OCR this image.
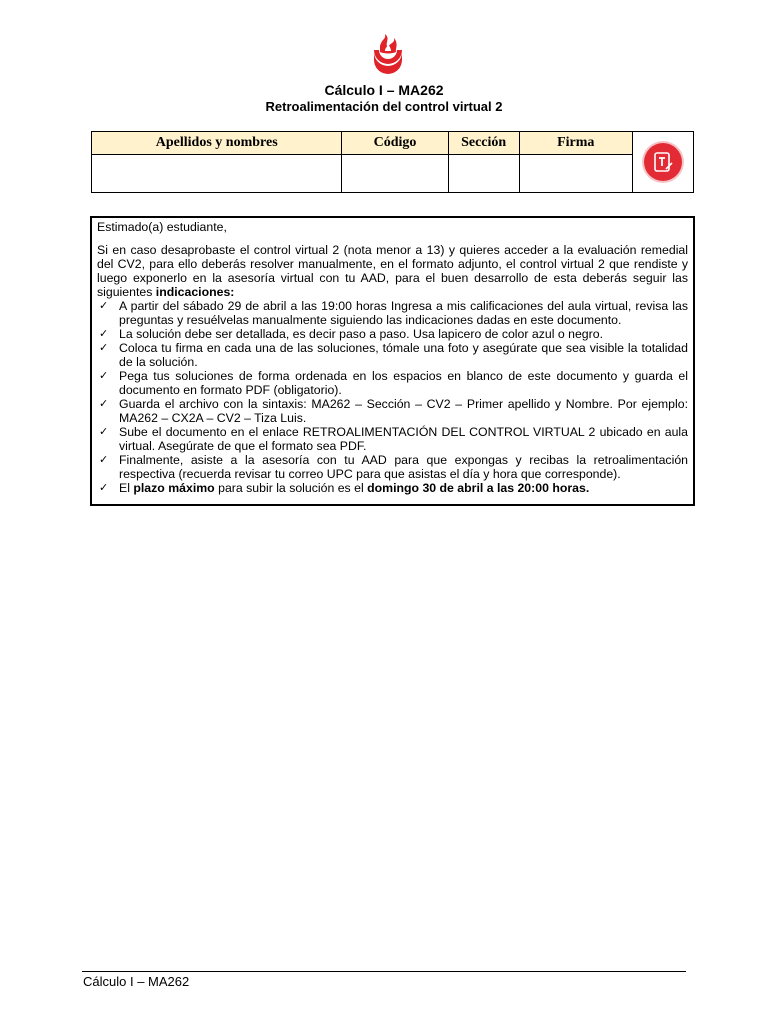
Cálculo I – MA262
Retroalimentación del control virtual 2
Apellidos y nombres	Código	Sección	Firma	

Estimado(a) estudiante,

Si en caso desaprobaste el control virtual 2 (nota menor a 13) y quieres acceder a la evaluación remedial del CV2, para ello deberás resolver manualmente, en el formato adjunto, el control virtual 2 que rendiste y luego exponerlo en la asesoría virtual con tu AAD, para el buen desarrollo de esta deberás seguir las siguientes indicaciones:

✓ A partir del sábado 29 de abril a las 19:00 horas Ingresa a mis calificaciones del aula virtual, revisa las preguntas y resuélvelas manualmente siguiendo las indicaciones dadas en este documento.
✓ La solución debe ser detallada, es decir paso a paso. Usa lapicero de color azul o negro.
✓ Coloca tu firma en cada una de las soluciones, tómale una foto y asegúrate que sea visible la totalidad de la solución.
✓ Pega tus soluciones de forma ordenada en los espacios en blanco de este documento y guarda el documento en formato PDF (obligatorio).
✓ Guarda el archivo con la sintaxis: MA262 – Sección – CV2 – Primer apellido y Nombre. Por ejemplo: MA262 – CX2A – CV2 – Tiza Luis.
✓ Sube el documento en el enlace RETROALIMENTACIÓN DEL CONTROL VIRTUAL 2 ubicado en aula virtual. Asegúrate de que el formato sea PDF.
✓ Finalmente, asiste a la asesoría con tu AAD para que expongas y recibas la retroalimentación respectiva (recuerda revisar tu correo UPC para que asistas el día y hora que corresponde).
✓ El plazo máximo para subir la solución es el domingo 30 de abril a las 20:00 horas.
Cálculo I – MA262
